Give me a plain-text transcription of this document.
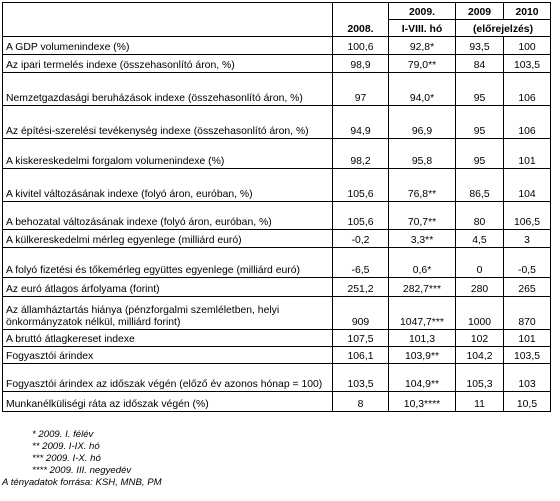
	2008.	2009.	2009	2010
		I-VIII. hó	(előrejelzés)	
A GDP volumenindexe (%)	100,6	92,8*	93,5	100
Az ipari termelés indexe (összehasonlító áron, %)	98,9	79,0**	84	103,5
Nemzetgazdasági beruházások indexe (összehasonlító áron, %)	97	94,0*	95	106
Az építési-szerelési tevékenység indexe (összehasonlító áron, %)	94,9	96,9	95	106
A kiskereskedelmi forgalom volumenindexe (%)	98,2	95,8	95	101
A kivitel változásának indexe (folyó áron, euróban, %)	105,6	76,8**	86,5	104
A behozatal változásának indexe (folyó áron, euróban, %)	105,6	70,7**	80	106,5
A külkereskedelmi mérleg egyenlege (milliárd euró)	-0,2	3,3**	4,5	3
A folyó fizetési és tőkemérleg együttes egyenlege (milliárd euró)	-6,5	0,6*	0	-0,5
Az euró átlagos árfolyama (forint)	251,2	282,7***	280	265
Az államháztartás hiánya (pénzforgalmi szemléletben, helyi önkormányzatok nélkül, milliárd forint)	909	1047,7***	1000	870
A bruttó átlagkereset indexe	107,5	101,3	102	101
Fogyasztói árindex	106,1	103,9**	104,2	103,5
Fogyasztói árindex az időszak végén (előző év azonos hónap = 100)	103,5	104,9**	105,3	103
Munkanélküliségi ráta az időszak végén (%)	8	10,3****	11	10,5
* 2009. I. félév
** 2009. I-IX. hó
*** 2009. I-X. hó
**** 2009. III. negyedév
A tényadatok forrása: KSH, MNB, PM
